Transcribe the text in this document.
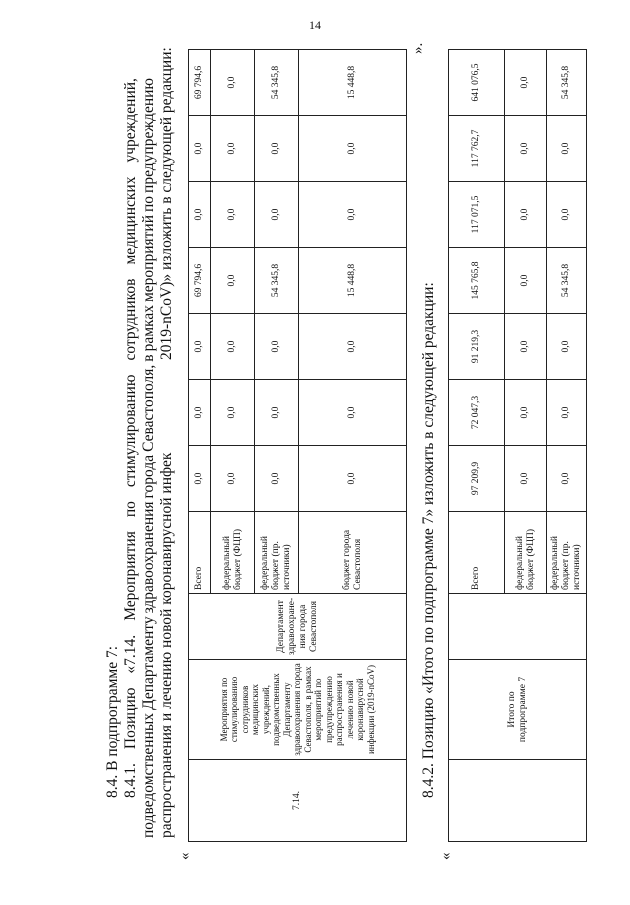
14
8.4. В подпрограмме 7: 8.4.1.
Позицию
«7.14.
Мероприятия
по
стимулированию
сотрудников
медицинских
учреждений,
подведомственных
Департаменту
здравоохранения
города
Севастополя,
в
рамках
мероприятий
по
предупреждению
распространения и лечению новой коронавирусной инфек
2019-nCoV)» изложить в следующей редакции:
«
7.14.	Мероприятия по стимулированию сотрудников медицинских учреждений, подведомственных Департаменту здравоохранения города Севастополя, в рамках мероприятий по предупреждению распространения и лечению новой коронавирусной инфекции (2019-nCoV)	Департамент здравоохране-ния города Севастополя	Всего	0,0	0,0	0,0	69 794,6	0,0	0,0	69 794,6
			федеральный бюджет (ФЦП)	0,0	0,0	0,0	0,0	0,0	0,0	0,0
			федеральный бюджет (пр. источники)	0,0	0,0	0,0	54 345,8	0,0	0,0	54 345,8
			бюджет города Севастополя	0,0	0,0	0,0	15 448,8	0,0	0,0	15 448,8
».
8.4.2. Позицию «Итого по подпрограмме 7» изложить в следующей редакции:
«
	Итого по подпрограмме 7		Всего	97 209,9	72 047,3	91 219,3	145 765,8	117 071,5	117 762,7	641 076,5
			федеральный бюджет (ФЦП)	0,0	0,0	0,0	0,0	0,0	0,0	0,0
			федеральный бюджет (пр. источники)	0,0	0,0	0,0	54 345,8	0,0	0,0	54 345,8
